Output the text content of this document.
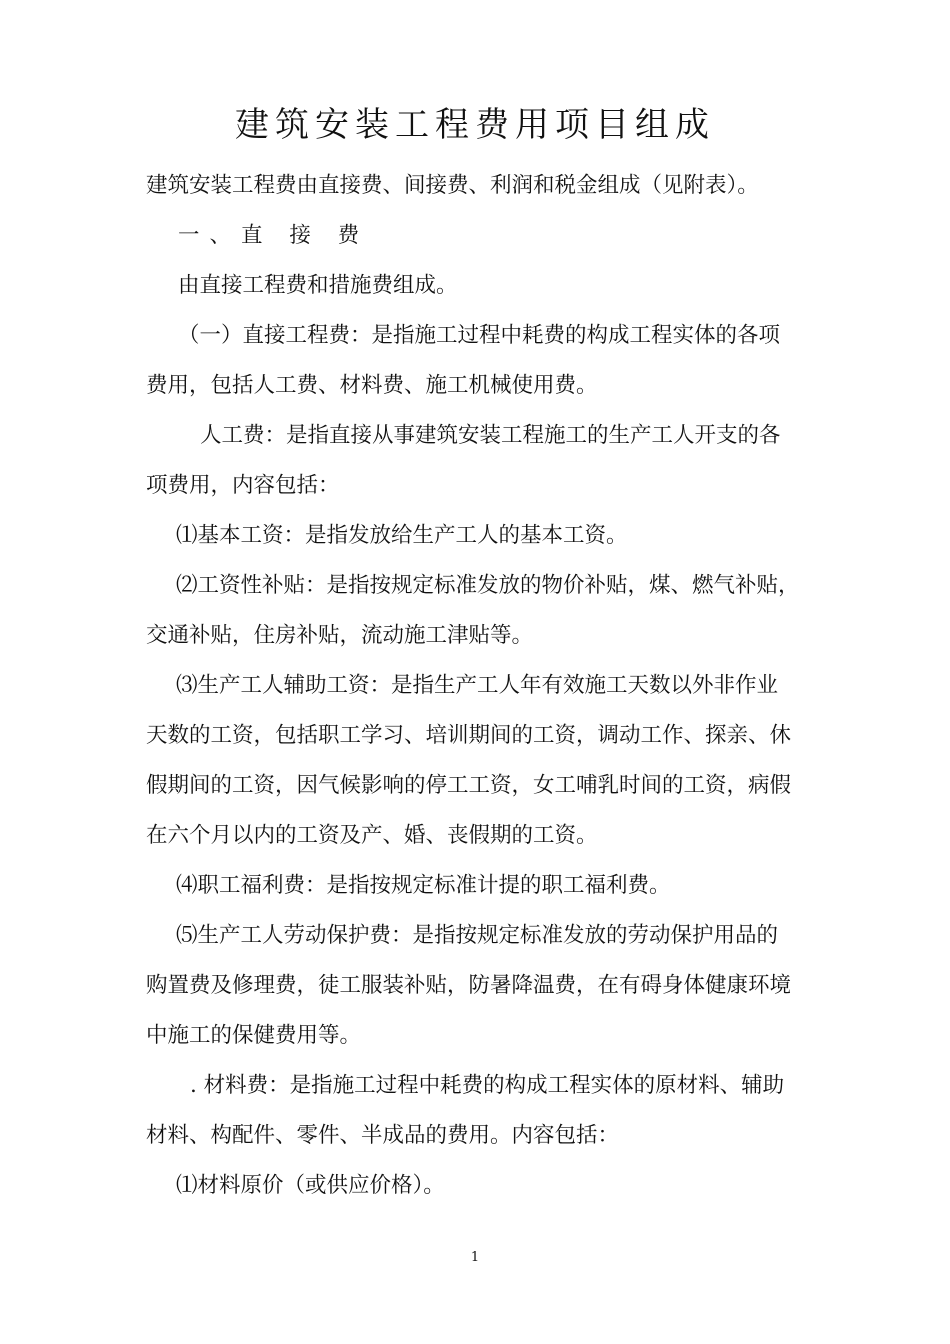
建筑安装工程费用项目组成
建筑安装工程费由直接费、间接费、利润和税金组成（见附表）。
一、直 接 费
由直接工程费和措施费组成。
（一）直接工程费：是指施工过程中耗费的构成工程实体的各项
费用，包括人工费、材料费、施工机械使用费。
人工费：是指直接从事建筑安装工程施工的生产工人开支的各
项费用，内容包括：
⑴基本工资：是指发放给生产工人的基本工资。
⑵工资性补贴：是指按规定标准发放的物价补贴，煤、燃气补贴，
交通补贴，住房补贴，流动施工津贴等。
⑶生产工人辅助工资：是指生产工人年有效施工天数以外非作业
天数的工资，包括职工学习、培训期间的工资，调动工作、探亲、休
假期间的工资，因气候影响的停工工资，女工哺乳时间的工资，病假
在六个月以内的工资及产、婚、丧假期的工资。
⑷职工福利费：是指按规定标准计提的职工福利费。
⑸生产工人劳动保护费：是指按规定标准发放的劳动保护用品的
购置费及修理费，徒工服装补贴，防暑降温费，在有碍身体健康环境
中施工的保健费用等。
. 材料费：是指施工过程中耗费的构成工程实体的原材料、辅助
材料、构配件、零件、半成品的费用。内容包括：
⑴材料原价（或供应价格）。
1
